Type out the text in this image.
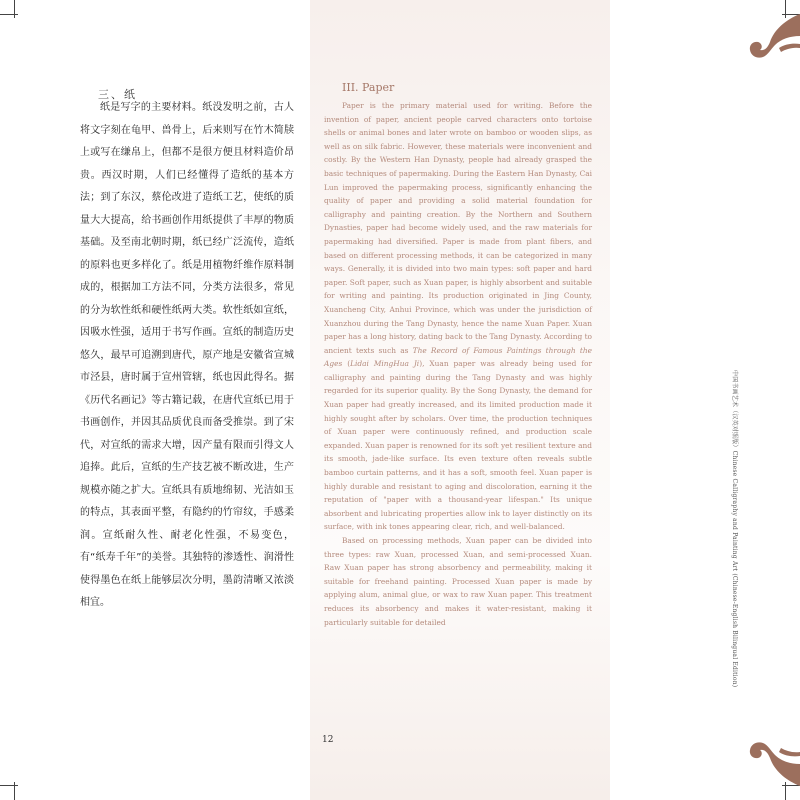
三、纸

纸是写字的主要材料。纸没发明之前，古人将文字刻在龟甲、兽骨上，后来则写在竹木简牍上或写在缣帛上，但都不是很方便且材料造价昂贵。西汉时期，人们已经懂得了造纸的基本方法；到了东汉，蔡伦改进了造纸工艺，使纸的质量大大提高，给书画创作用纸提供了丰厚的物质基础。及至南北朝时期，纸已经广泛流传，造纸的原料也更多样化了。纸是用植物纤维作原料制成的，根据加工方法不同，分类方法很多，常见的分为软性纸和硬性纸两大类。软性纸如宣纸，因吸水性强，适用于书写作画。宣纸的制造历史悠久，最早可追溯到唐代，原产地是安徽省宣城市泾县，唐时属于宣州管辖，纸也因此得名。据《历代名画记》等古籍记载，在唐代宣纸已用于书画创作，并因其品质优良而备受推崇。到了宋代，对宣纸的需求大增，因产量有限而引得文人追捧。此后，宣纸的生产技艺被不断改进，生产规模亦随之扩大。宣纸具有质地绵韧、光洁如玉的特点，其表面平整，有隐约的竹帘纹，手感柔润。宣纸耐久性、耐老化性强，不易变色，有“纸寿千年”的美誉。其独特的渗透性、润滑性使得墨色在纸上能够层次分明，墨韵清晰又浓淡相宜。

III. Paper

Paper is the primary material used for writing. Before the invention of paper, ancient people carved characters onto tortoise shells or animal bones and later wrote on bamboo or wooden slips, as well as on silk fabric. However, these materials were inconvenient and costly. By the Western Han Dynasty, people had already grasped the basic techniques of papermaking. During the Eastern Han Dynasty, Cai Lun improved the papermaking process, significantly enhancing the quality of paper and providing a solid material foundation for calligraphy and painting creation. By the Northern and Southern Dynasties, paper had become widely used, and the raw materials for papermaking had diversified. Paper is made from plant fibers, and based on different processing methods, it can be categorized in many ways. Generally, it is divided into two main types: soft paper and hard paper. Soft paper, such as Xuan paper, is highly absorbent and suitable for writing and painting. Its production originated in Jing County, Xuancheng City, Anhui Province, which was under the jurisdiction of Xuanzhou during the Tang Dynasty, hence the name Xuan Paper. Xuan paper has a long history, dating back to the Tang Dynasty. According to ancient texts such as The Record of Famous Paintings through the Ages (Lidai MingHua Ji), Xuan paper was already being used for calligraphy and painting during the Tang Dynasty and was highly regarded for its superior quality. By the Song Dynasty, the demand for Xuan paper had greatly increased, and its limited production made it highly sought after by scholars. Over time, the production techniques of Xuan paper were continuously refined, and production scale expanded. Xuan paper is renowned for its soft yet resilient texture and its smooth, jade-like surface. Its even texture often reveals subtle bamboo curtain patterns, and it has a soft, smooth feel. Xuan paper is highly durable and resistant to aging and discoloration, earning it the reputation of "paper with a thousand-year lifespan." Its unique absorbent and lubricating properties allow ink to layer distinctly on its surface, with ink tones appearing clear, rich, and well-balanced.

Based on processing methods, Xuan paper can be divided into three types: raw Xuan, processed Xuan, and semi-processed Xuan. Raw Xuan paper has strong absorbency and permeability, making it suitable for freehand painting. Processed Xuan paper is made by applying alum, animal glue, or wax to raw Xuan paper. This treatment reduces its absorbency and makes it water-resistant, making it particularly suitable for detailed

12
中国书画艺术（汉英对照版）Chinese Calligraphy and Painting Art (Chinese-English Bilingual Edition)
